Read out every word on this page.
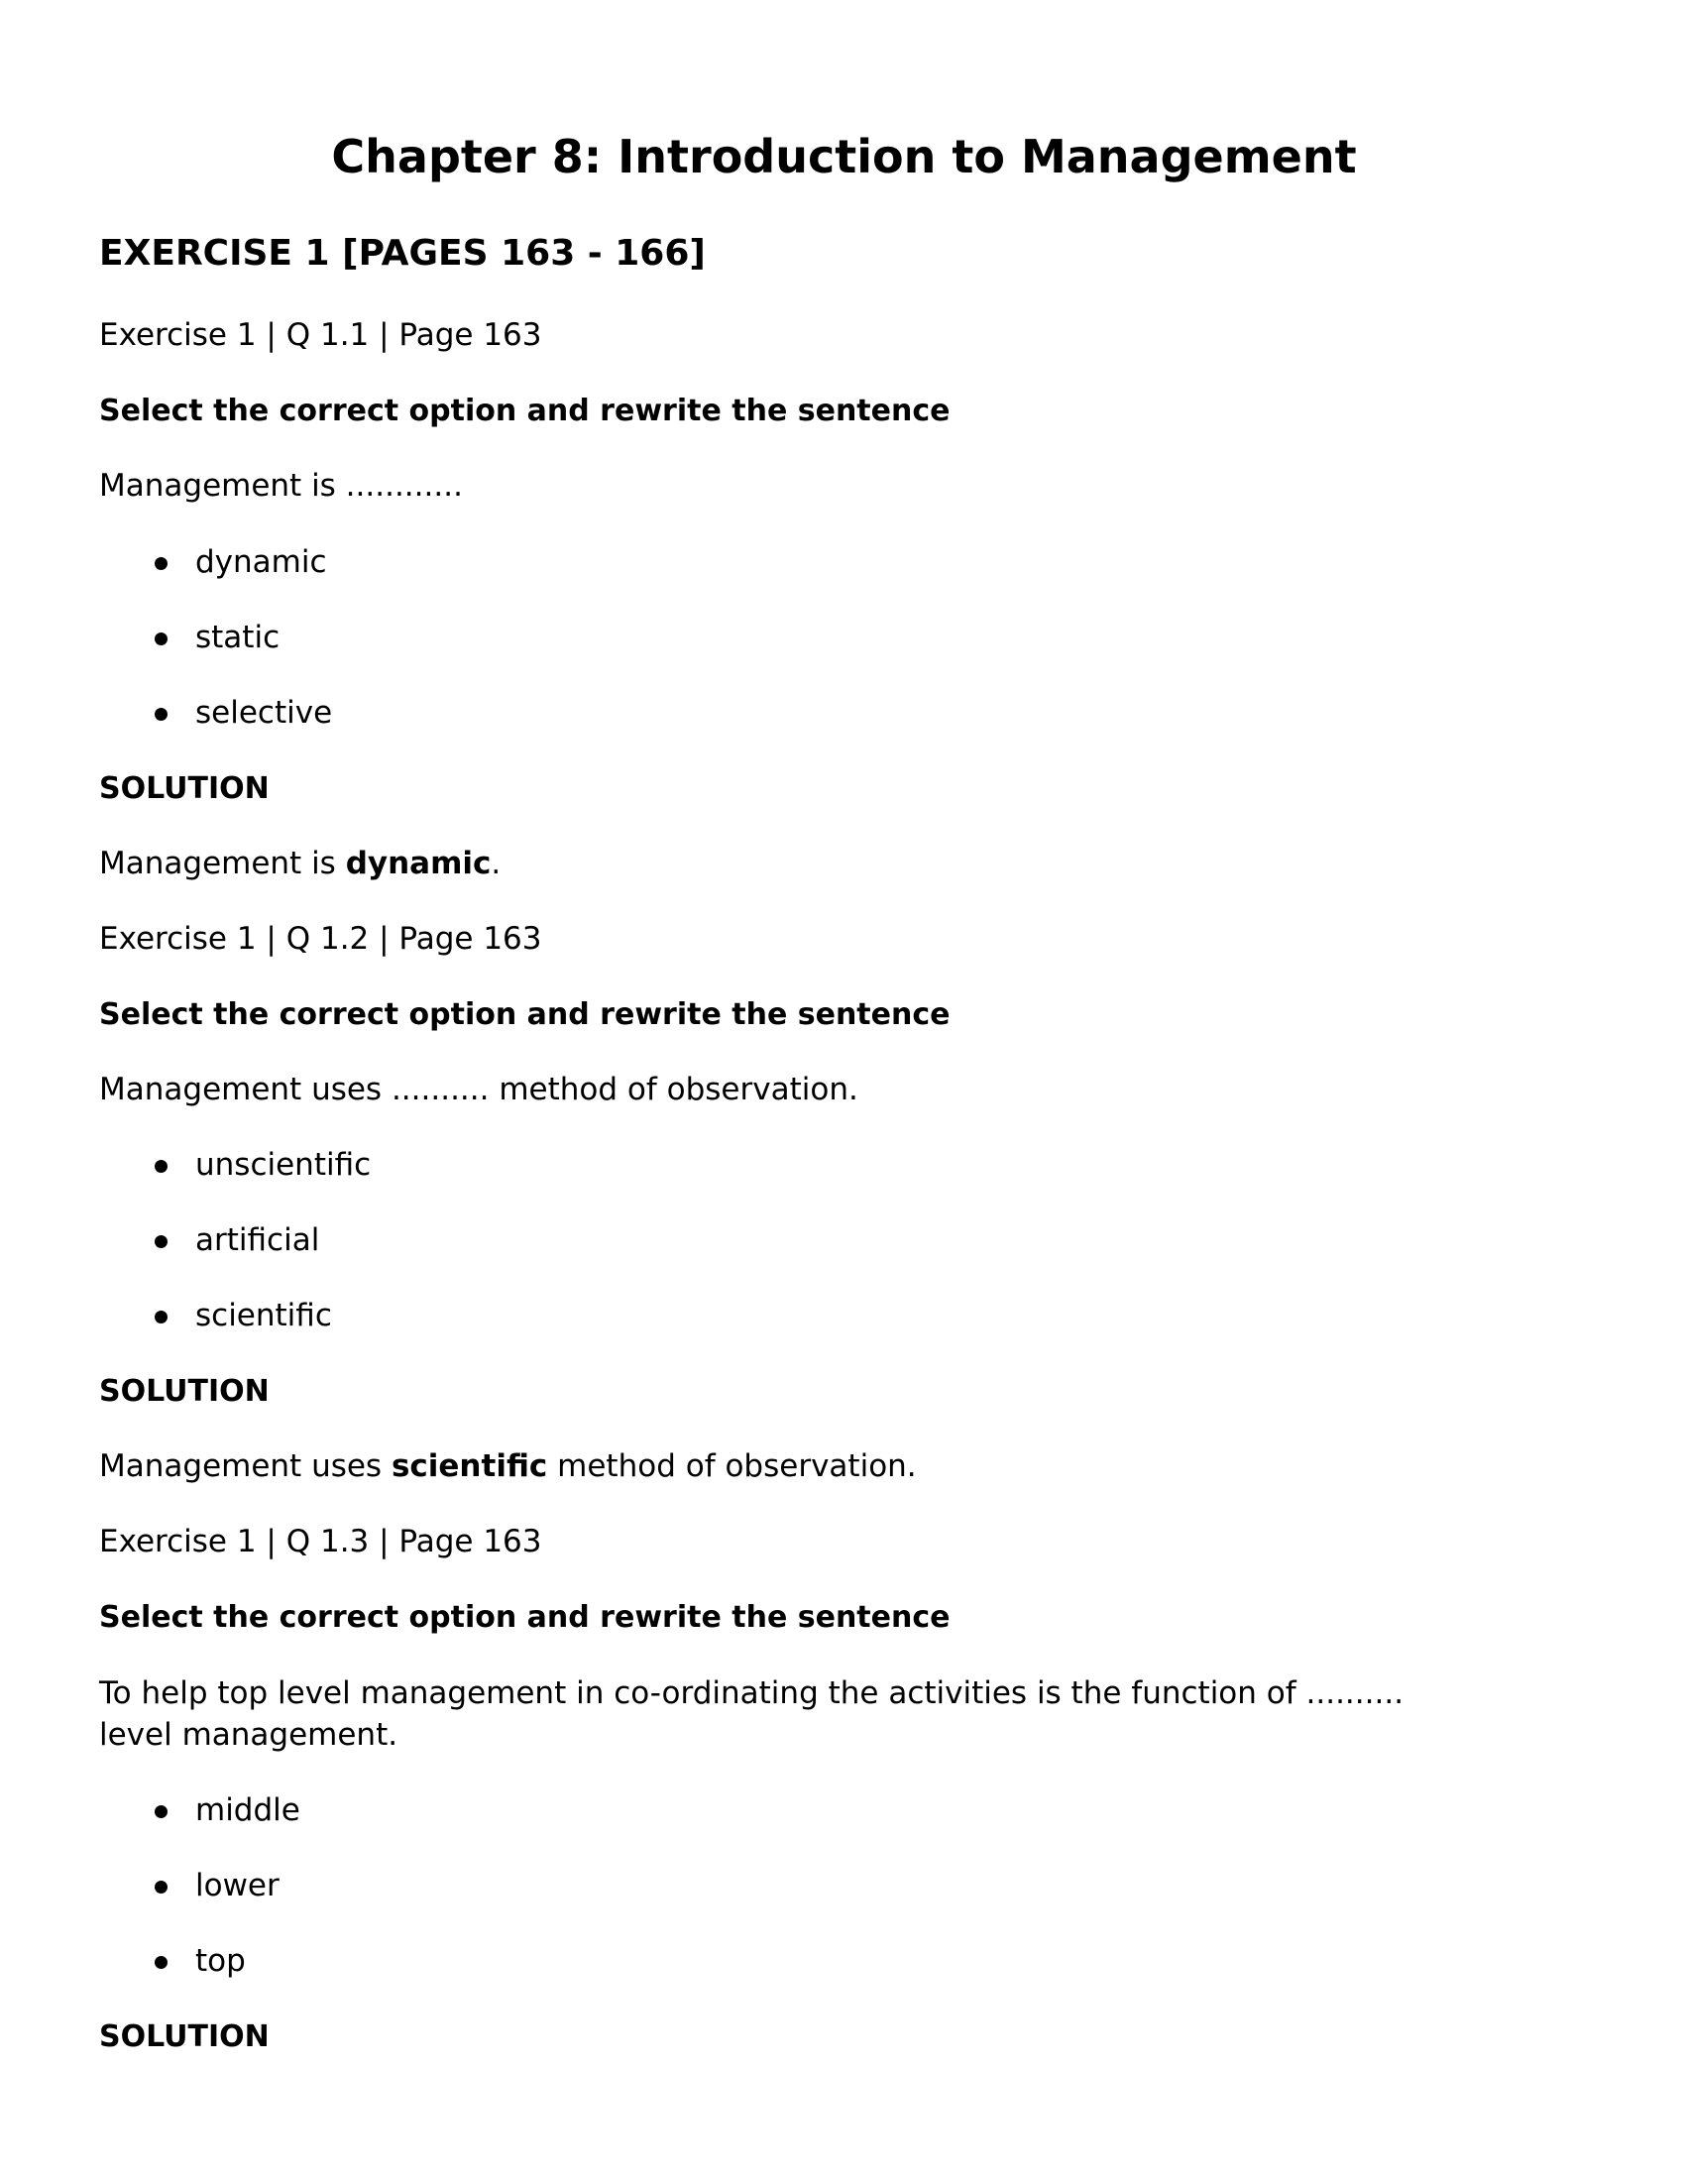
Chapter 8: Introduction to Management
EXERCISE 1 [PAGES 163 - 166]
Exercise 1 | Q 1.1 | Page 163
Select the correct option and rewrite the sentence
Management is ............
dynamic
static
selective
SOLUTION
Management is dynamic.
Exercise 1 | Q 1.2 | Page 163
Select the correct option and rewrite the sentence
Management uses .......... method of observation.
unscientific
artificial
scientific
SOLUTION
Management uses scientific method of observation.
Exercise 1 | Q 1.3 | Page 163
Select the correct option and rewrite the sentence
To help top level management in co-ordinating the activities is the function of ..........
level management.
middle
lower
top
SOLUTION
